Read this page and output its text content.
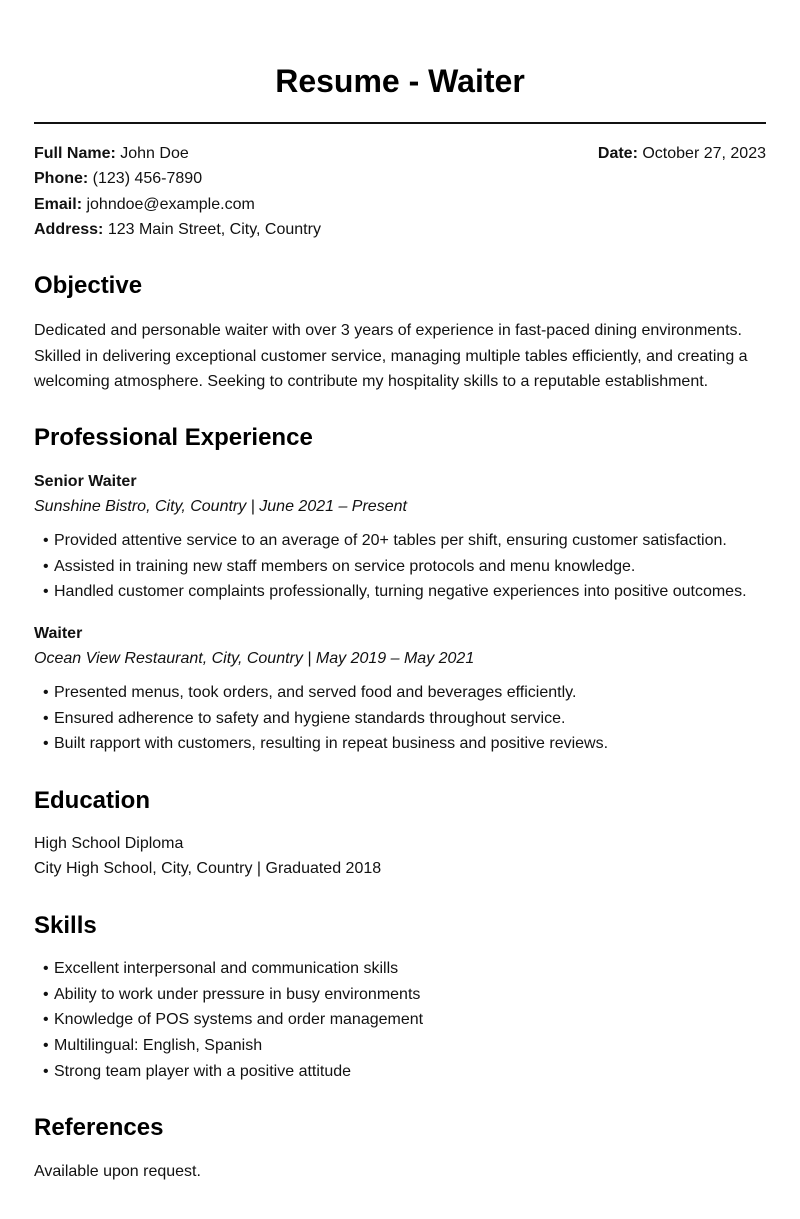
Resume - Waiter
Full Name: John Doe
Phone: (123) 456-7890
Email: johndoe@example.com
Address: 123 Main Street, City, Country
Date: October 27, 2023
Objective

Dedicated and personable waiter with over 3 years of experience in fast-paced dining environments. Skilled in delivering exceptional customer service, managing multiple tables efficiently, and creating a welcoming atmosphere. Seeking to contribute my hospitality skills to a reputable establishment.

Professional Experience
Senior Waiter
Sunshine Bistro, City, Country | June 2021 – Present
• Provided attentive service to an average of 20+ tables per shift, ensuring customer satisfaction.
• Assisted in training new staff members on service protocols and menu knowledge.
• Handled customer complaints professionally, turning negative experiences into positive outcomes.
Waiter
Ocean View Restaurant, City, Country | May 2019 – May 2021
• Presented menus, took orders, and served food and beverages efficiently.
• Ensured adherence to safety and hygiene standards throughout service.
• Built rapport with customers, resulting in repeat business and positive reviews.
Education
High School Diploma
City High School, City, Country | Graduated 2018
Skills
• Excellent interpersonal and communication skills
• Ability to work under pressure in busy environments
• Knowledge of POS systems and order management
• Multilingual: English, Spanish
• Strong team player with a positive attitude
References
Available upon request.
